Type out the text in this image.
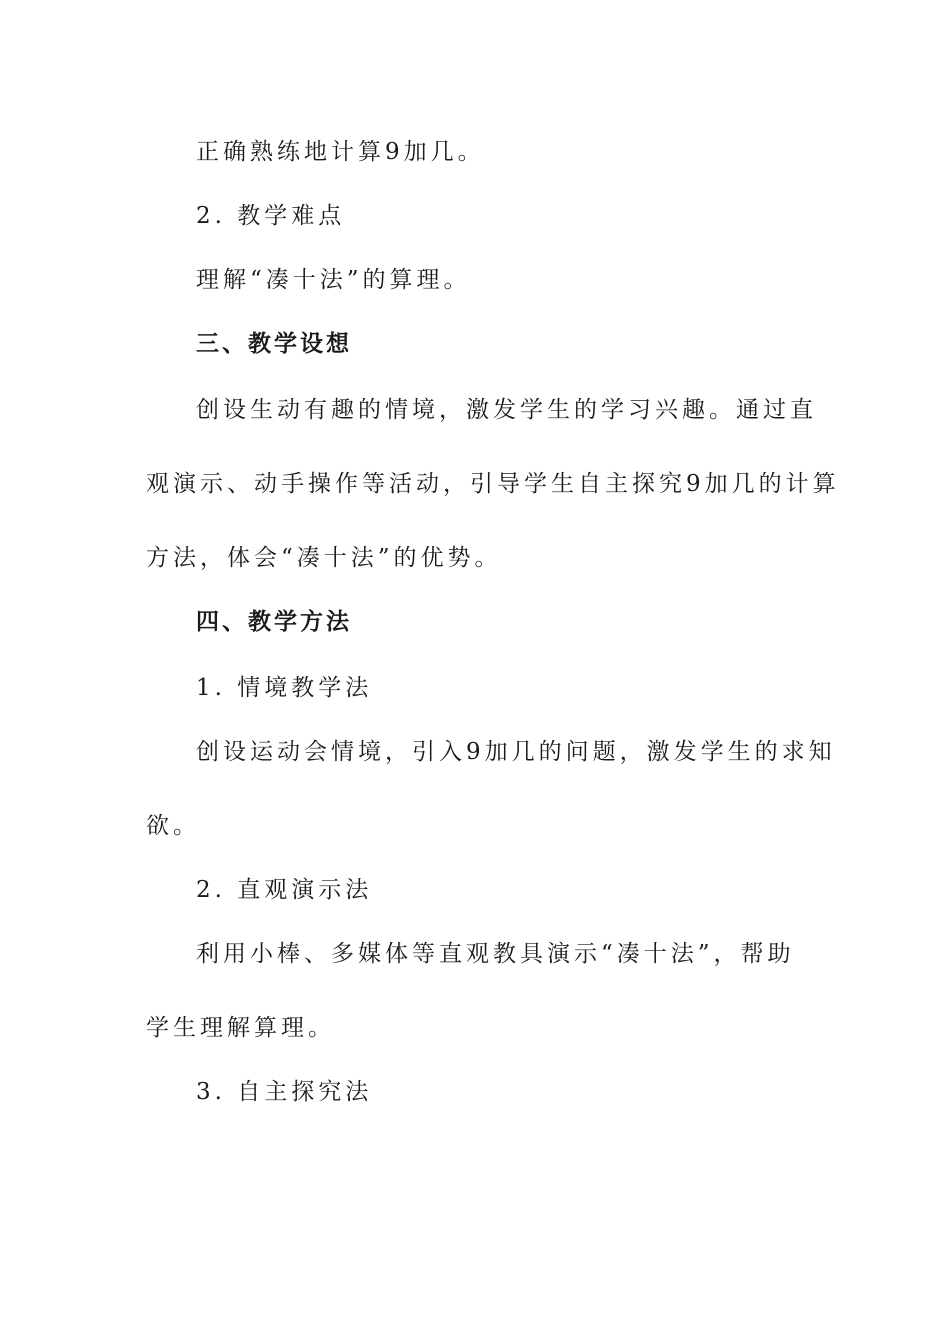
正确熟练地计算9加几。

2. 教学难点

理解“凑十法”的算理。

三、教学设想

创设生动有趣的情境，激发学生的学习兴趣。通过直

观演示、动手操作等活动，引导学生自主探究9加几的计算

方法，体会“凑十法”的优势。

四、教学方法

1. 情境教学法

创设运动会情境，引入9加几的问题，激发学生的求知

欲。

2. 直观演示法

利用小棒、多媒体等直观教具演示“凑十法”，帮助

学生理解算理。

3. 自主探究法
